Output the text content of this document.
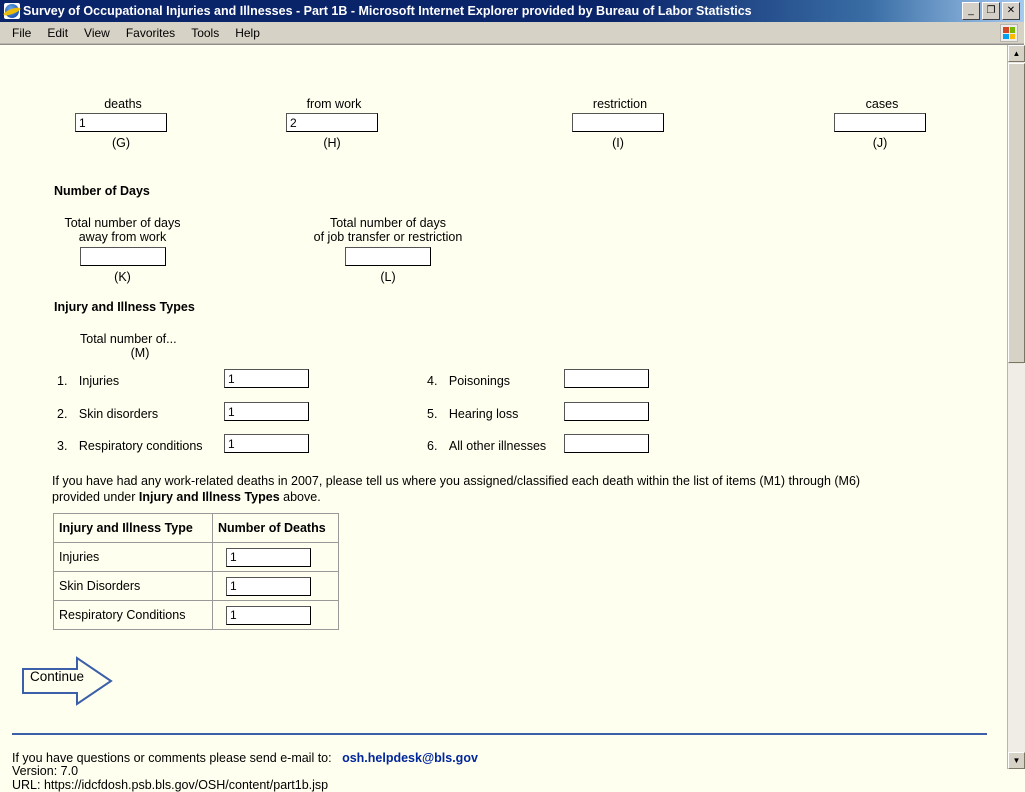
Survey of Occupational Injuries and Illnesses - Part 1B - Microsoft Internet Explorer provided by Bureau of Labor Statistics	_	❐	✕
File	Edit	View	Favorites	Tools	Help
deaths
1
(G)
from work
2
(H)
restriction
(I)
cases
(J)
Number of Days
Total number of days
away from work
(K)
Total number of days
of job transfer or restriction
(L)
Injury and Illness Types
Total number of...
(M)
1. Injuries
1
2. Skin disorders
1
3. Respiratory conditions
1
4. Poisonings
5. Hearing loss
6. All other illnesses
If you have had any work-related deaths in 2007, please tell us where you assigned/classified each death within the list of items (M1) through (M6)
provided under Injury and Illness Types above.
Injury and Illness Type	Number of Deaths
Injuries	1
Skin Disorders	1
Respiratory Conditions	1
Continue
If you have questions or comments please send e-mail to: osh.helpdesk@bls.gov
Version: 7.0
URL: https://idcfdosh.psb.bls.gov/OSH/content/part1b.jsp
▲
▼
